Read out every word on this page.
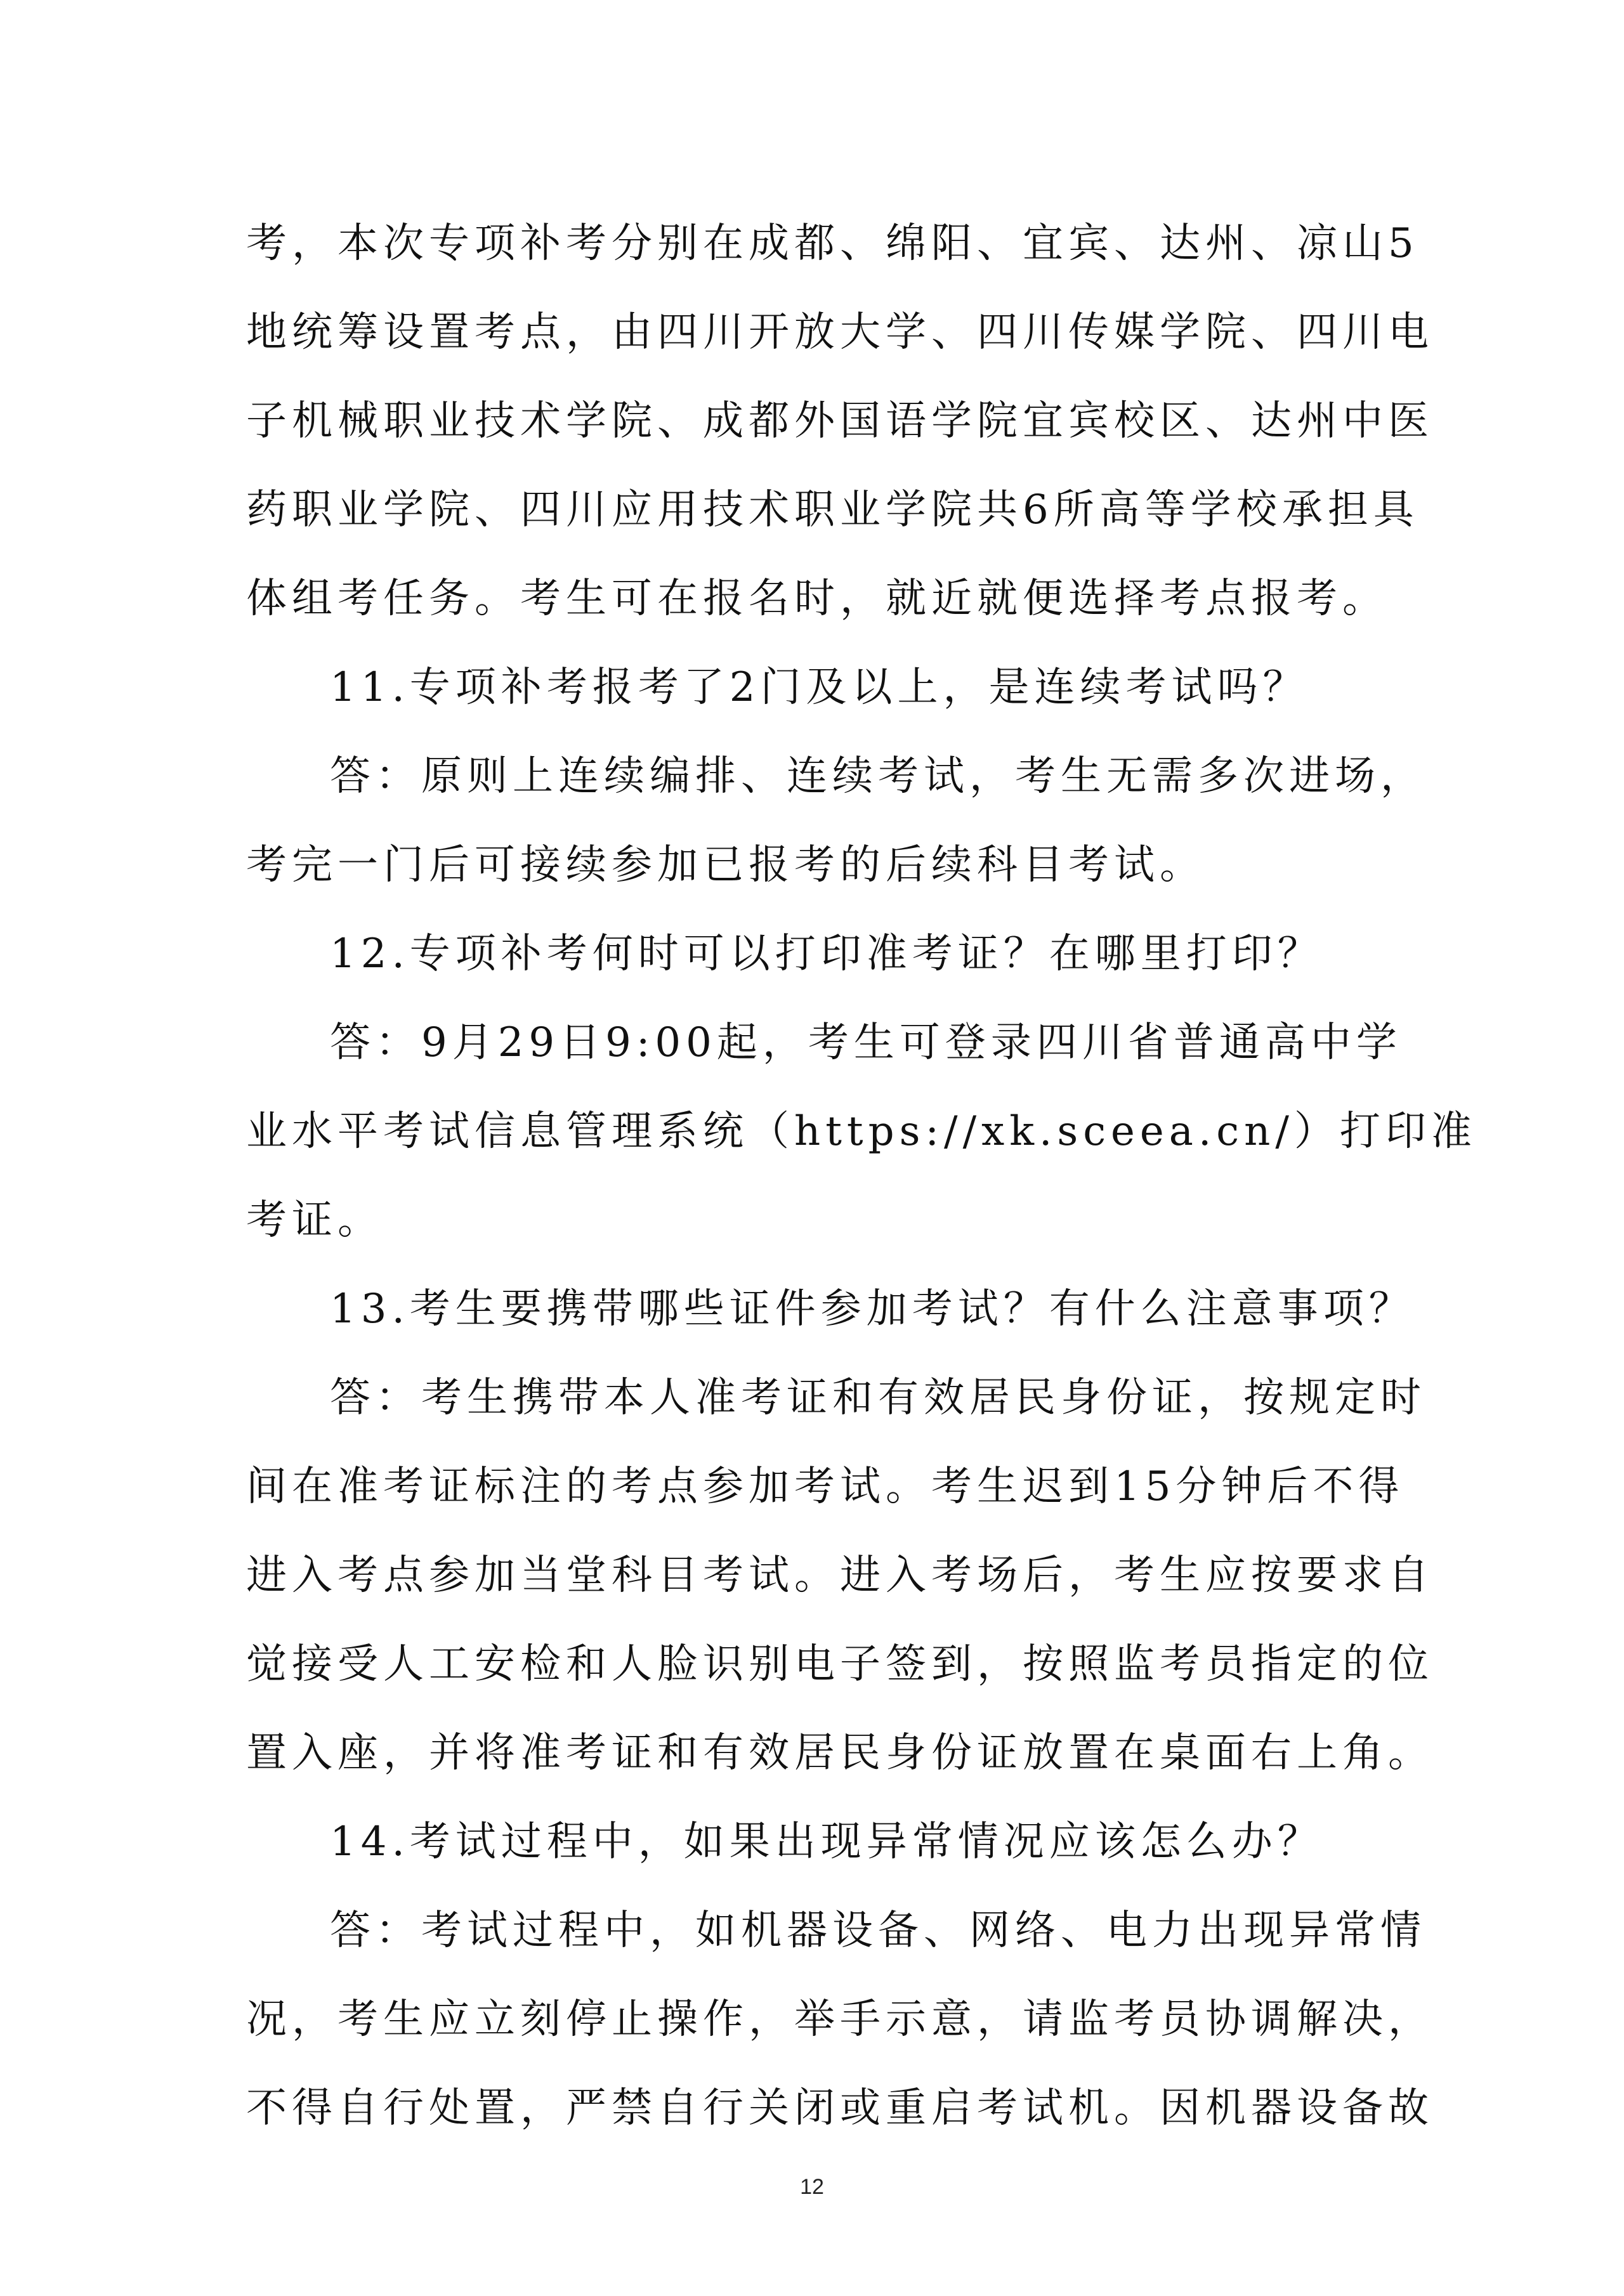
考，本次专项补考分别在成都、绵阳、宜宾、达州、凉山5

地统筹设置考点，由四川开放大学、四川传媒学院、四川电

子机械职业技术学院、成都外国语学院宜宾校区、达州中医

药职业学院、四川应用技术职业学院共6所高等学校承担具

体组考任务。考生可在报名时，就近就便选择考点报考。

11.专项补考报考了2门及以上，是连续考试吗？

答：原则上连续编排、连续考试，考生无需多次进场，

考完一门后可接续参加已报考的后续科目考试。

12.专项补考何时可以打印准考证？在哪里打印？

答：9月29日9:00起，考生可登录四川省普通高中学

业水平考试信息管理系统（https://xk.sceea.cn/）打印准

考证。

13.考生要携带哪些证件参加考试？有什么注意事项？

答：考生携带本人准考证和有效居民身份证，按规定时

间在准考证标注的考点参加考试。考生迟到15分钟后不得

进入考点参加当堂科目考试。进入考场后，考生应按要求自

觉接受人工安检和人脸识别电子签到，按照监考员指定的位

置入座，并将准考证和有效居民身份证放置在桌面右上角。

14.考试过程中，如果出现异常情况应该怎么办？

答：考试过程中，如机器设备、网络、电力出现异常情

况，考生应立刻停止操作，举手示意，请监考员协调解决，

不得自行处置，严禁自行关闭或重启考试机。因机器设备故

12
